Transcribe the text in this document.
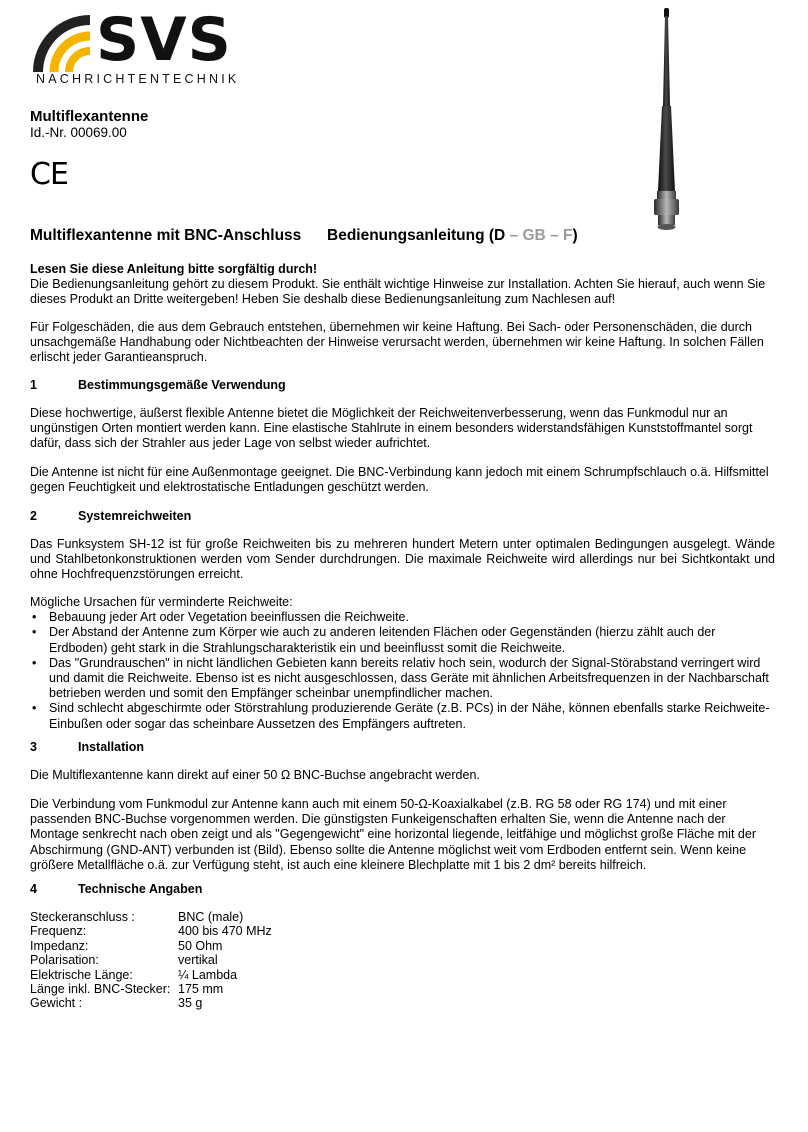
SVS
NACHRICHTENTECHNIK
Multiflexantenne
Id.-Nr. 00069.00
CE
Multiflexantenne mit BNC-Anschluss Bedienungsanleitung (D – GB – F)
Lesen Sie diese Anleitung bitte sorgfältig durch!
Die Bedienungsanleitung gehört zu diesem Produkt. Sie enthält wichtige Hinweise zur Installation. Achten Sie hierauf, auch wenn Sie dieses Produkt an Dritte weitergeben! Heben Sie deshalb diese Bedienungsanleitung zum Nachlesen auf!
Für Folgeschäden, die aus dem Gebrauch entstehen, übernehmen wir keine Haftung. Bei Sach- oder Personenschäden, die durch unsachgemäße Handhabung oder Nichtbeachten der Hinweise verursacht werden, übernehmen wir keine Haftung. In solchen Fällen erlischt jeder Garantieanspruch.
1	Bestimmungsgemäße Verwendung
Diese hochwertige, äußerst flexible Antenne bietet die Möglichkeit der Reichweitenverbesserung, wenn das Funkmodul nur an ungünstigen Orten montiert werden kann. Eine elastische Stahlrute in einem besonders widerstandsfähigen Kunststoffmantel sorgt dafür, dass sich der Strahler aus jeder Lage von selbst wieder aufrichtet.
Die Antenne ist nicht für eine Außenmontage geeignet. Die BNC-Verbindung kann jedoch mit einem Schrumpfschlauch o.ä. Hilfsmittel gegen Feuchtigkeit und elektrostatische Entladungen geschützt werden.
2	Systemreichweiten
Das Funksystem SH-12 ist für große Reichweiten bis zu mehreren hundert Metern unter optimalen Bedingungen ausgelegt. Wände und Stahlbetonkonstruktionen werden vom Sender durchdrungen. Die maximale Reichweite wird allerdings nur bei Sichtkontakt und ohne Hochfrequenzstörungen erreicht.
Mögliche Ursachen für verminderte Reichweite:
• Bebauung jeder Art oder Vegetation beeinflussen die Reichweite.
• Der Abstand der Antenne zum Körper wie auch zu anderen leitenden Flächen oder Gegenständen (hierzu zählt auch der Erdboden) geht stark in die Strahlungscharakteristik ein und beeinflusst somit die Reichweite.
• Das "Grundrauschen" in nicht ländlichen Gebieten kann bereits relativ hoch sein, wodurch der Signal-Störabstand verringert wird und damit die Reichweite. Ebenso ist es nicht ausgeschlossen, dass Geräte mit ähnlichen Arbeitsfrequenzen in der Nachbarschaft betrieben werden und somit den Empfänger scheinbar unempfindlicher machen.
• Sind schlecht abgeschirmte oder Störstrahlung produzierende Geräte (z.B. PCs) in der Nähe, können ebenfalls starke Reichweite-Einbußen oder sogar das scheinbare Aussetzen des Empfängers auftreten.
3	Installation
Die Multiflexantenne kann direkt auf einer 50 Ω BNC-Buchse angebracht werden.
Die Verbindung vom Funkmodul zur Antenne kann auch mit einem 50-Ω-Koaxialkabel (z.B. RG 58 oder RG 174) und mit einer passenden BNC-Buchse vorgenommen werden. Die günstigsten Funkeigenschaften erhalten Sie, wenn die Antenne nach der Montage senkrecht nach oben zeigt und als "Gegengewicht" eine horizontal liegende, leitfähige und möglichst große Fläche mit der Abschirmung (GND-ANT) verbunden ist (Bild). Ebenso sollte die Antenne möglichst weit vom Erdboden entfernt sein. Wenn keine größere Metallfläche o.ä. zur Verfügung steht, ist auch eine kleinere Blechplatte mit 1 bis 2 dm² bereits hilfreich.
4	Technische Angaben
Steckeranschluss :	BNC (male)
Frequenz:	400 bis 470 MHz
Impedanz:	50 Ohm
Polarisation:	vertikal
Elektrische Länge:	¼ Lambda
Länge inkl. BNC-Stecker:	175 mm
Gewicht :	35 g
